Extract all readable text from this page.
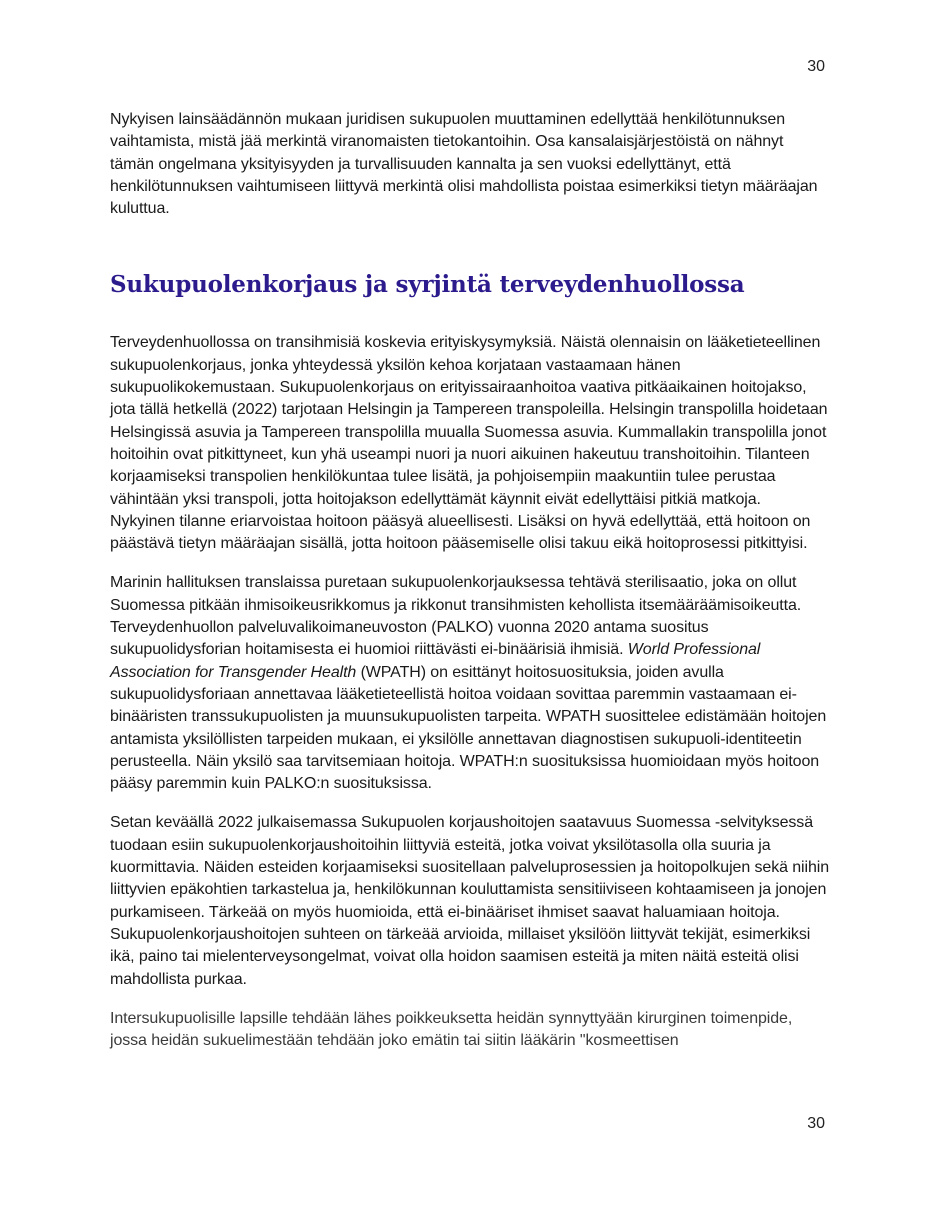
30

Nykyisen lainsäädännön mukaan juridisen sukupuolen muuttaminen edellyttää henkilötunnuksen vaihtamista, mistä jää merkintä viranomaisten tietokantoihin. Osa kansalaisjärjestöistä on nähnyt tämän ongelmana yksityisyyden ja turvallisuuden kannalta ja sen vuoksi edellyttänyt, että henkilötunnuksen vaihtumiseen liittyvä merkintä olisi mahdollista poistaa esimerkiksi tietyn määräajan kuluttua.

Sukupuolenkorjaus ja syrjintä terveydenhuollossa

Terveydenhuollossa on transihmisiä koskevia erityiskysymyksiä. Näistä olennaisin on lääketieteellinen sukupuolenkorjaus, jonka yhteydessä yksilön kehoa korjataan vastaamaan hänen sukupuolikokemustaan. Sukupuolenkorjaus on erityissairaanhoitoa vaativa pitkäaikainen hoitojakso, jota tällä hetkellä (2022) tarjotaan Helsingin ja Tampereen transpoleilla. Helsingin transpolilla hoidetaan Helsingissä asuvia ja Tampereen transpolilla muualla Suomessa asuvia. Kummallakin transpolilla jonot hoitoihin ovat pitkittyneet, kun yhä useampi nuori ja nuori aikuinen hakeutuu transhoitoihin. Tilanteen korjaamiseksi transpolien henkilökuntaa tulee lisätä, ja pohjoisempiin maakuntiin tulee perustaa vähintään yksi transpoli, jotta hoitojakson edellyttämät käynnit eivät edellyttäisi pitkiä matkoja. Nykyinen tilanne eriarvoistaa hoitoon pääsyä alueellisesti. Lisäksi on hyvä edellyttää, että hoitoon on päästävä tietyn määräajan sisällä, jotta hoitoon pääsemiselle olisi takuu eikä hoitoprosessi pitkittyisi.

Marinin hallituksen translaissa puretaan sukupuolenkorjauksessa tehtävä sterilisaatio, joka on ollut Suomessa pitkään ihmisoikeusrikkomus ja rikkonut transihmisten kehollista itsemääräämisoikeutta. Terveydenhuollon palveluvalikoimaneuvoston (PALKO) vuonna 2020 antama suositus sukupuolidysforian hoitamisesta ei huomioi riittävästi ei-binäärisiä ihmisiä. World Professional Association for Transgender Health (WPATH) on esittänyt hoitosuosituksia, joiden avulla sukupuolidysforiaan annettavaa lääketieteellistä hoitoa voidaan sovittaa paremmin vastaamaan ei-binääristen transsukupuolisten ja muunsukupuolisten tarpeita. WPATH suosittelee edistämään hoitojen antamista yksilöllisten tarpeiden mukaan, ei yksilölle annettavan diagnostisen sukupuoli-identiteetin perusteella. Näin yksilö saa tarvitsemiaan hoitoja. WPATH:n suosituksissa huomioidaan myös hoitoon pääsy paremmin kuin PALKO:n suosituksissa.

Setan keväällä 2022 julkaisemassa Sukupuolen korjaushoitojen saatavuus Suomessa -selvityksessä tuodaan esiin sukupuolenkorjaushoitoihin liittyviä esteitä, jotka voivat yksilötasolla olla suuria ja kuormittavia. Näiden esteiden korjaamiseksi suositellaan palveluprosessien ja hoitopolkujen sekä niihin liittyvien epäkohtien tarkastelua ja, henkilökunnan kouluttamista sensitiiviseen kohtaamiseen ja jonojen purkamiseen. Tärkeää on myös huomioida, että ei-binääriset ihmiset saavat haluamiaan hoitoja. Sukupuolenkorjaushoitojen suhteen on tärkeää arvioida, millaiset yksilöön liittyvät tekijät, esimerkiksi ikä, paino tai mielenterveysongelmat, voivat olla hoidon saamisen esteitä ja miten näitä esteitä olisi mahdollista purkaa.

Intersukupuolisille lapsille tehdään lähes poikkeuksetta heidän synnyttyään kirurginen toimenpide, jossa heidän sukuelimestään tehdään joko emätin tai siitin lääkärin "kosmeettisen

30
